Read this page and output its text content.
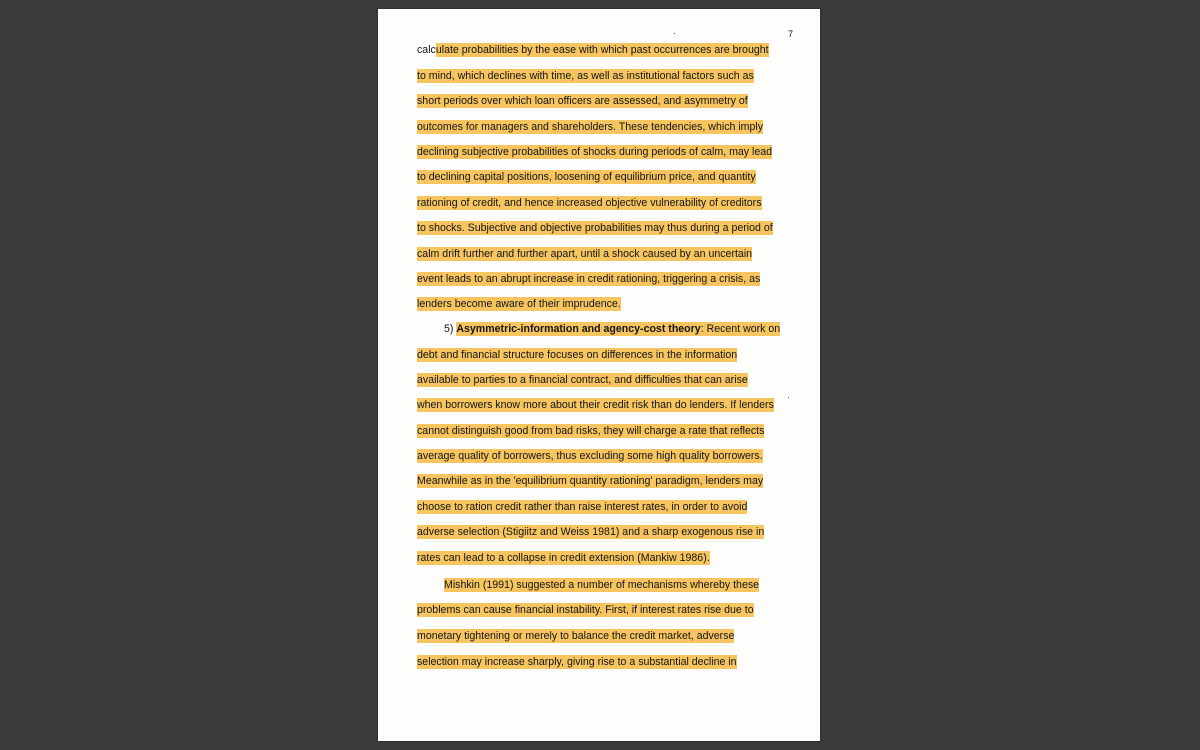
7
calculate probabilities by the ease with which past occurrences are brought
to mind, which declines with time, as well as institutional factors such as
short periods over which loan officers are assessed, and asymmetry of
outcomes for managers and shareholders. These tendencies, which imply
declining subjective probabilities of shocks during periods of calm, may lead
to declining capital positions, loosening of equilibrium price, and quantity
rationing of credit, and hence increased objective vulnerability of creditors
to shocks. Subjective and objective probabilities may thus during a period of
calm drift further and further apart, until a shock caused by an uncertain
event leads to an abrupt increase in credit rationing, triggering a crisis, as
lenders become aware of their imprudence.
5) Asymmetric-information and agency-cost theory: Recent work on
debt and financial structure focuses on differences in the information
available to parties to a financial contract, and difficulties that can arise
when borrowers know more about their credit risk than do lenders. If lenders
cannot distinguish good from bad risks, they will charge a rate that reflects
average quality of borrowers, thus excluding some high quality borrowers.
Meanwhile as in the 'equilibrium quantity rationing' paradigm, lenders may
choose to ration credit rather than raise interest rates, in order to avoid
adverse selection (Stigiitz and Weiss 1981) and a sharp exogenous rise in
rates can lead to a collapse in credit extension (Mankiw 1986).
Mishkin (1991) suggested a number of mechanisms whereby these
problems can cause financial instability. First, if interest rates rise due to
monetary tightening or merely to balance the credit market, adverse
selection may increase sharply, giving rise to a substantial decline in
